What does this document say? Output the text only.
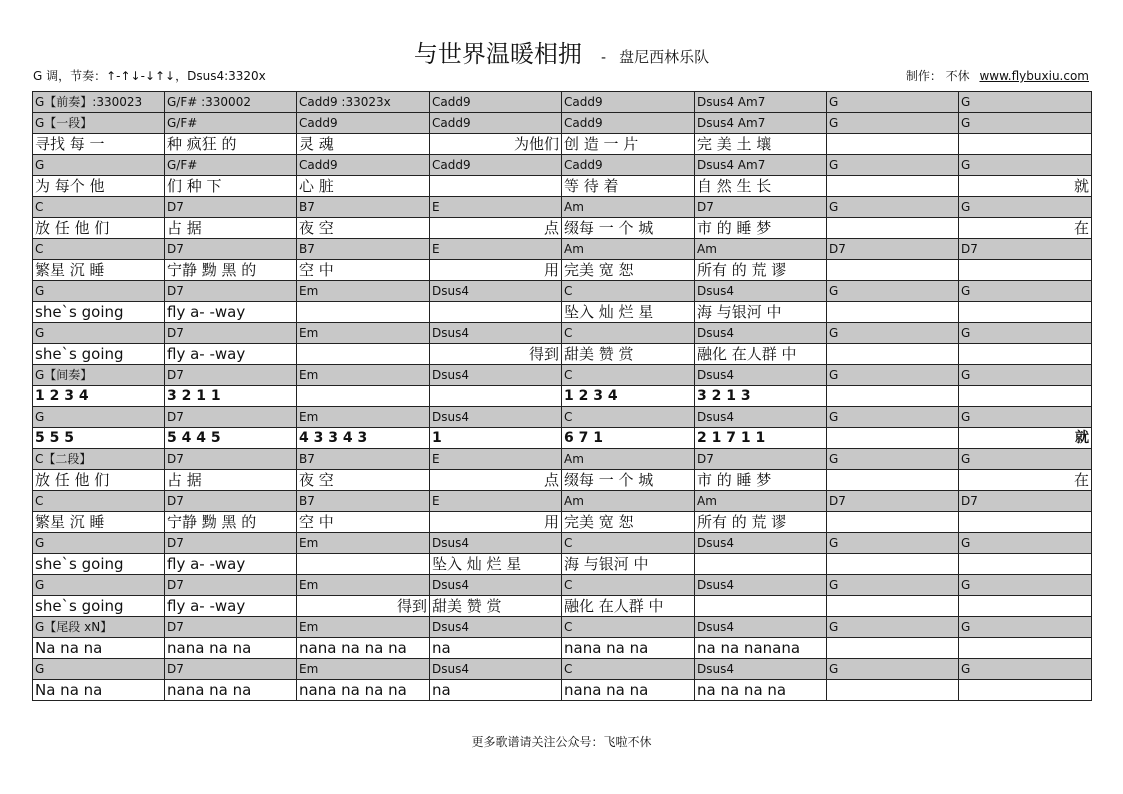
与世界温暖相拥 - 盘尼西林乐队
G 调，节奏：↑-↑↓-↓↑↓，Dsus4:3320x	制作： 不休 www.flybuxiu.com
G【前奏】:330023	G/F# :330002	Cadd9 :33023x	Cadd9	Cadd9	Dsus4 Am7	G	G
G【一段】	G/F#	Cadd9	Cadd9	Cadd9	Dsus4 Am7	G	G
寻找 每 一	种 疯狂 的	灵 魂	为他们	创 造 一 片	完 美 土 壤		
G	G/F#	Cadd9	Cadd9	Cadd9	Dsus4 Am7	G	G
为 每个 他	们 种 下	心 脏		等 待 着	自 然 生 长		就
C	D7	B7	E	Am	D7	G	G
放 任 他 们	占 据	夜 空	点	缀每 一 个 城	市 的 睡 梦		在
C	D7	B7	E	Am	Am	D7	D7
繁星 沉 睡	宁静 黝 黑 的	空 中	用	完美 宽 恕	所有 的 荒 谬		
G	D7	Em	Dsus4	C	Dsus4	G	G
she`s going	fly a- -way			坠入 灿 烂 星	海 与银河 中		
G	D7	Em	Dsus4	C	Dsus4	G	G
she`s going	fly a- -way		得到	甜美 赞 赏	融化 在人群 中		
G【间奏】	D7	Em	Dsus4	C	Dsus4	G	G
1 2 3 4	3 2 1 1			1 2 3 4	3 2 1 3		
G	D7	Em	Dsus4	C	Dsus4	G	G
5 5 5	5 4 4 5	4 3 3 4 3	1	6 7 1	2 1 7 1 1		就
C【二段】	D7	B7	E	Am	D7	G	G
放 任 他 们	占 据	夜 空	点	缀每 一 个 城	市 的 睡 梦		在
C	D7	B7	E	Am	Am	D7	D7
繁星 沉 睡	宁静 黝 黑 的	空 中	用	完美 宽 恕	所有 的 荒 谬		
G	D7	Em	Dsus4	C	Dsus4	G	G
she`s going	fly a- -way		坠入 灿 烂 星	海 与银河 中			
G	D7	Em	Dsus4	C	Dsus4	G	G
she`s going	fly a- -way	得到	甜美 赞 赏	融化 在人群 中			
G【尾段 xN】	D7	Em	Dsus4	C	Dsus4	G	G
Na na na	nana na na	nana na na na	na	nana na na	na na nanana		
G	D7	Em	Dsus4	C	Dsus4	G	G
Na na na	nana na na	nana na na na	na	nana na na	na na na na		
更多歌谱请关注公众号：飞啦不休
